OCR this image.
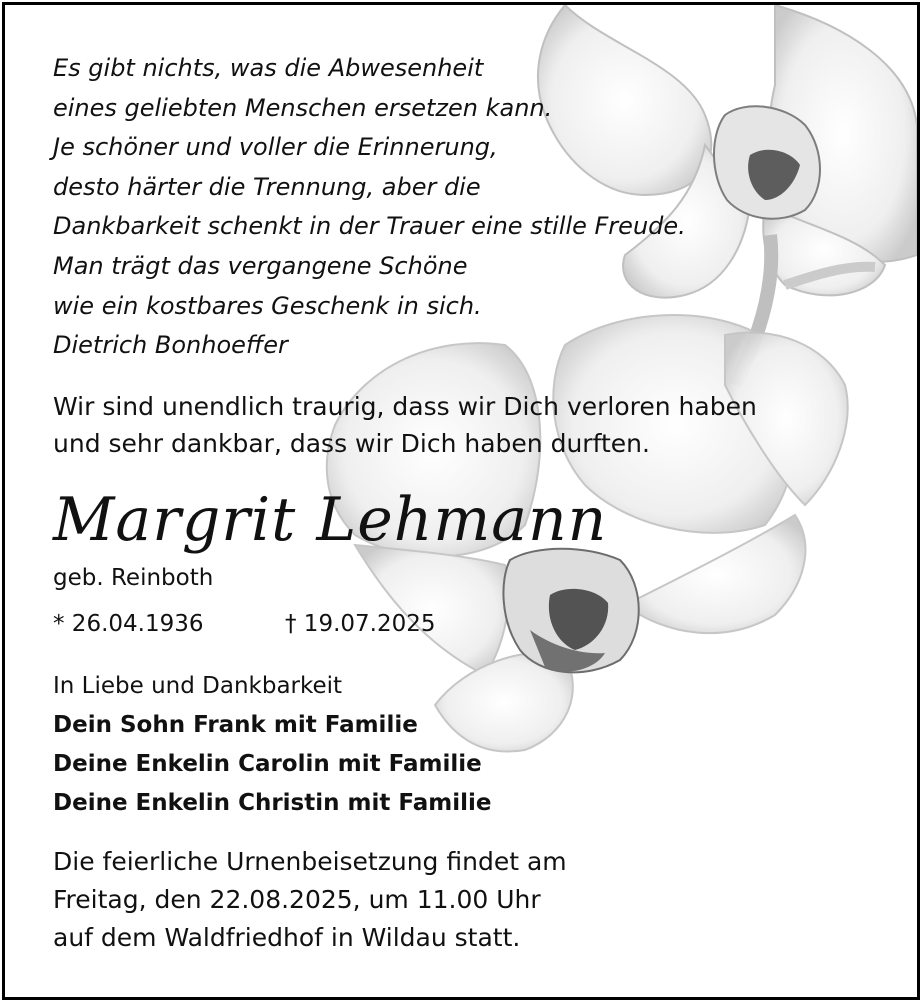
Es gibt nichts, was die Abwesenheit
eines geliebten Menschen ersetzen kann.
Je schöner und voller die Erinnerung,
desto härter die Trennung, aber die
Dankbarkeit schenkt in der Trauer eine stille Freude.
Man trägt das vergangene Schöne
wie ein kostbares Geschenk in sich.
Dietrich Bonhoeffer
Wir sind unendlich traurig, dass wir Dich verloren haben
und sehr dankbar, dass wir Dich haben durften.
Margrit Lehmann
geb. Reinboth
* 26.04.1936	† 19.07.2025
In Liebe und Dankbarkeit
Dein Sohn Frank mit Familie
Deine Enkelin Carolin mit Familie
Deine Enkelin Christin mit Familie
Die feierliche Urnenbeisetzung findet am
Freitag, den 22.08.2025, um 11.00 Uhr
auf dem Waldfriedhof in Wildau statt.
